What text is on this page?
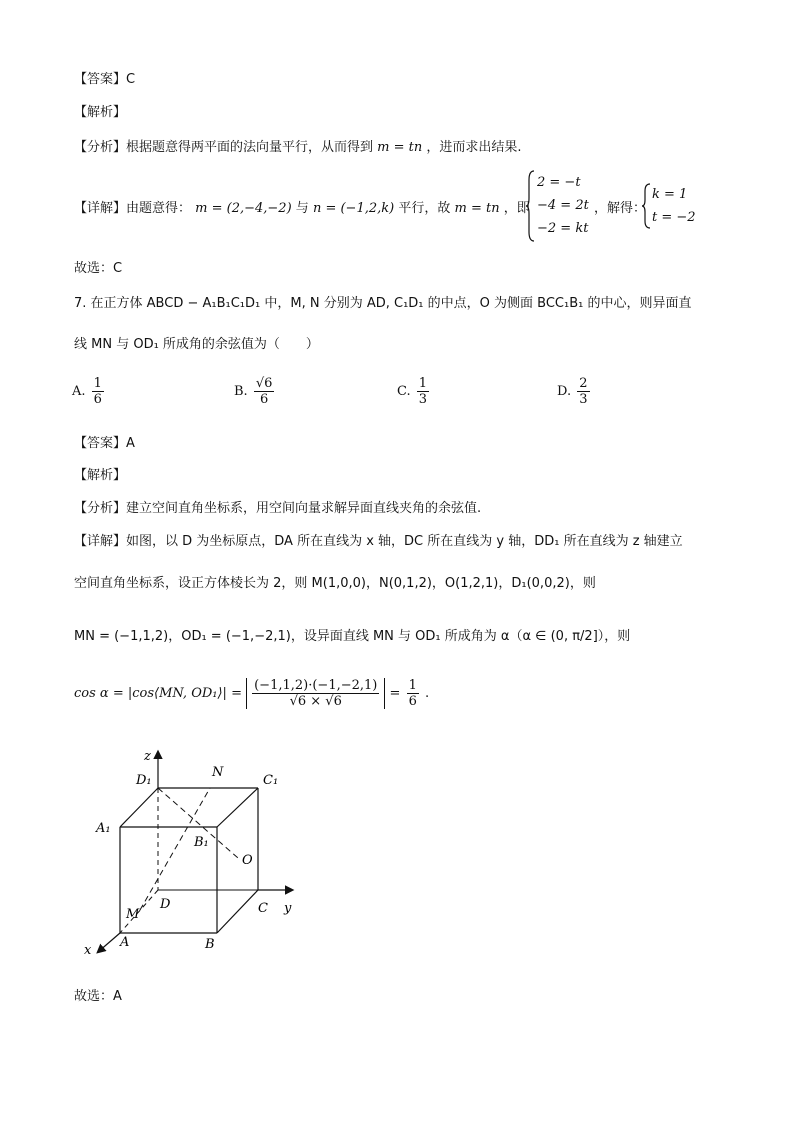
【答案】C
【解析】
【分析】根据题意得两平面的法向量平行，从而得到 m = tn ，进而求出结果.
【详解】由题意得： m = (2,−4,−2) 与 n = (−1,2,k) 平行，故 m = tn ，即
2 = −t
−4 = 2t
−2 = kt
，解得：
k = 1
t = −2
故选：C
7. 在正方体 ABCD − A₁B₁C₁D₁ 中，M, N 分别为 AD, C₁D₁ 的中点，O 为侧面 BCC₁B₁ 的中心，则异面直
线 MN 与 OD₁ 所成角的余弦值为（　　）
A. $\frac{1}{6}$	B. $\frac{√6}{6}$	C. $\frac{1}{3}$	D. $\frac{2}{3}$
【答案】A
【解析】
【分析】建立空间直角坐标系，用空间向量求解异面直线夹角的余弦值.
【详解】如图，以 D 为坐标原点，DA 所在直线为 x 轴，DC 所在直线为 y 轴，DD₁ 所在直线为 z 轴建立
空间直角坐标系，设正方体棱长为 2，则 M(1,0,0)，N(0,1,2)，O(1,2,1)，D₁(0,0,2)，则
MN = (−1,1,2)，OD₁ = (−1,−2,1)，设异面直线 MN 与 OD₁ 所成角为 α（α ∈ (0, π/2]），则
cos α = |cos⟨MN, OD₁⟩| = $\frac{(-1,1,2)\cdot(-1,-2,1)}{√6 \times √6} = \frac{1}{6}$ .
z
D₁
N
C₁
A₁
B₁
O
D	C y
M
A	B
x
故选：A
